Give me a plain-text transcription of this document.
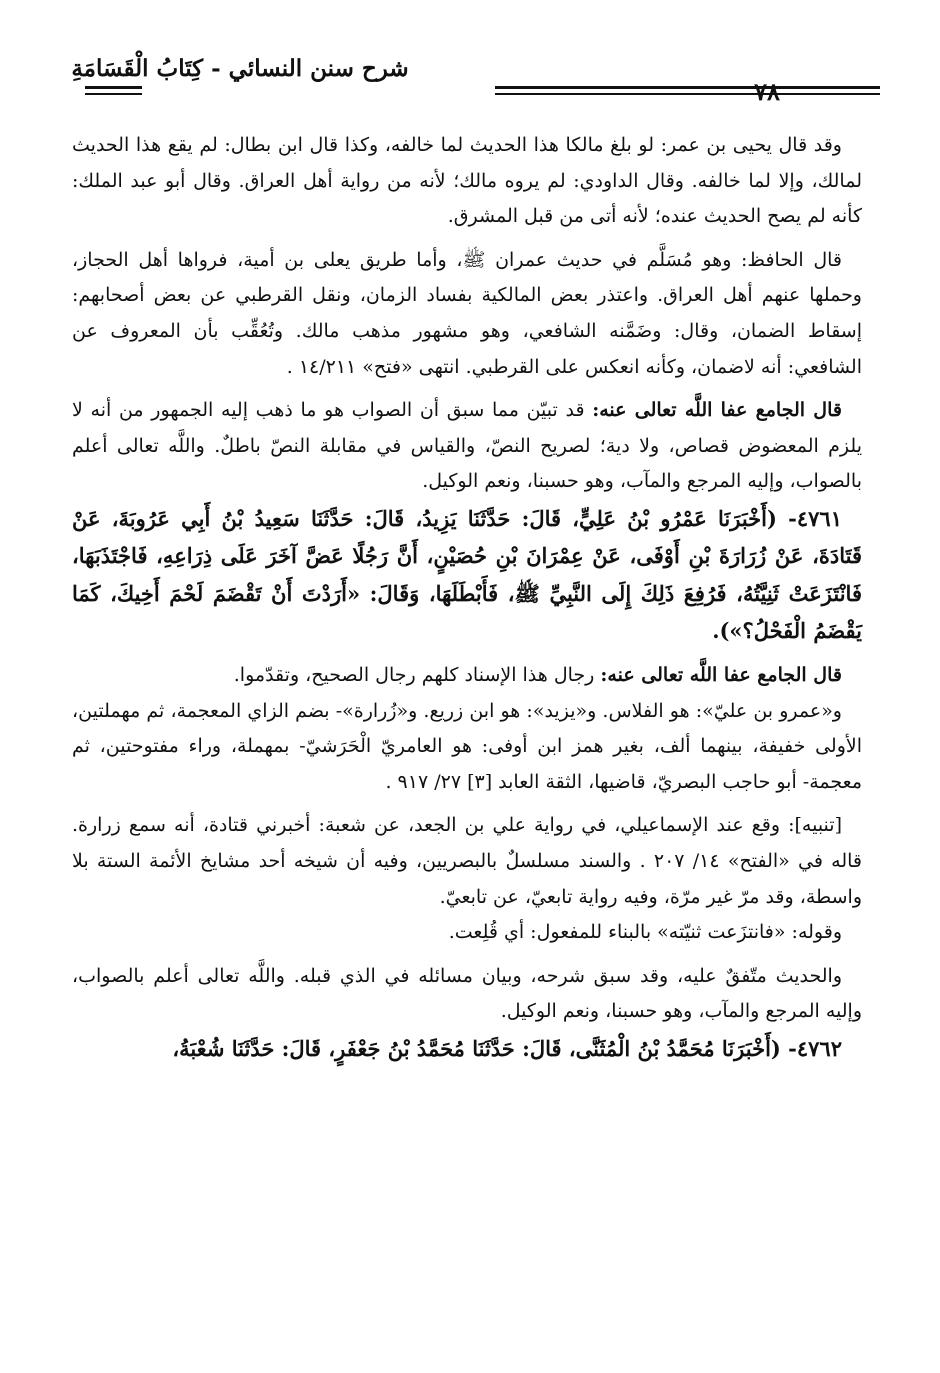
شرح سنن النسائي - كِتَابُ الْقَسَامَةِ
٧٨

وقد قال يحيى بن عمر: لو بلغ مالكا هذا الحديث لما خالفه، وكذا قال ابن بطال: لم يقع هذا الحديث لمالك، وإلا لما خالفه. وقال الداودي: لم يروه مالك؛ لأنه من رواية أهل العراق. وقال أبو عبد الملك: كأنه لم يصح الحديث عنده؛ لأنه أتى من قبل المشرق.

قال الحافظ: وهو مُسَلَّم في حديث عمران ﷺ، وأما طريق يعلى بن أمية، فرواها أهل الحجاز، وحملها عنهم أهل العراق. واعتذر بعض المالكية بفساد الزمان، ونقل القرطبي عن بعض أصحابهم: إسقاط الضمان، وقال: وضَمَّنه الشافعي، وهو مشهور مذهب مالك. وتُعُقِّب بأن المعروف عن الشافعي: أنه لاضمان، وكأنه انعكس على القرطبي. انتهى «فتح» ١٤/٢١١ .

قال الجامع عفا اللَّه تعالى عنه: قد تبيّن مما سبق أن الصواب هو ما ذهب إليه الجمهور من أنه لا يلزم المعضوض قصاص، ولا دية؛ لصريح النصّ، والقياس في مقابلة النصّ باطلٌ. واللَّه تعالى أعلم بالصواب، وإليه المرجع والمآب، وهو حسبنا، ونعم الوكيل.

٤٧٦١- (أَخْبَرَنَا عَمْرُو بْنُ عَلِيٍّ، قَالَ: حَدَّثَنَا يَزِيدُ، قَالَ: حَدَّثَنَا سَعِيدُ بْنُ أَبِي عَرُوبَةَ، عَنْ قَتَادَةَ، عَنْ زُرَارَةَ بْنِ أَوْفَى، عَنْ عِمْرَانَ بْنِ حُصَيْنٍ، أَنَّ رَجُلًا عَضَّ آخَرَ عَلَى ذِرَاعِهِ، فَاجْتَذَبَهَا، فَانْتَزَعَتْ ثَنِيَّتُهُ، فَرُفِعَ ذَلِكَ إِلَى النَّبِيِّ ﷺ، فَأَبْطَلَهَا، وَقَالَ: «أَرَدْتَ أَنْ تَقْضَمَ لَحْمَ أَخِيكَ، كَمَا يَقْضَمُ الْفَحْلُ؟»).

قال الجامع عفا اللَّه تعالى عنه: رجال هذا الإسناد كلهم رجال الصحيح، وتقدّموا.

و«عمرو بن عليّ»: هو الفلاس. و«يزيد»: هو ابن زريع. و«زُرارة»- بضم الزاي المعجمة، ثم مهملتين، الأولى خفيفة، بينهما ألف، بغير همز ابن أوفى: هو العامريّ الْحَرَشيّ- بمهملة، وراء مفتوحتين، ثم معجمة- أبو حاجب البصريّ، قاضيها، الثقة العابد [٣] ٢٧/ ٩١٧ .

[تنبيه]: وقع عند الإسماعيلي، في رواية علي بن الجعد، عن شعبة: أخبرني قتادة، أنه سمع زرارة. قاله في «الفتح» ١٤/ ٢٠٧ . والسند مسلسلٌ بالبصريين، وفيه أن شيخه أحد مشايخ الأئمة الستة بلا واسطة، وقد مرّ غير مرّة، وفيه رواية تابعيّ، عن تابعيّ.

وقوله: «فانتزَعت ثنيّته» بالبناء للمفعول: أي قُلِعت.

والحديث متّفقٌ عليه، وقد سبق شرحه، وبيان مسائله في الذي قبله. واللَّه تعالى أعلم بالصواب، وإليه المرجع والمآب، وهو حسبنا، ونعم الوكيل.

٤٧٦٢- (أَخْبَرَنَا مُحَمَّدُ بْنُ الْمُثَنَّى، قَالَ: حَدَّثَنَا مُحَمَّدُ بْنُ جَعْفَرٍ، قَالَ: حَدَّثَنَا شُعْبَةُ،
